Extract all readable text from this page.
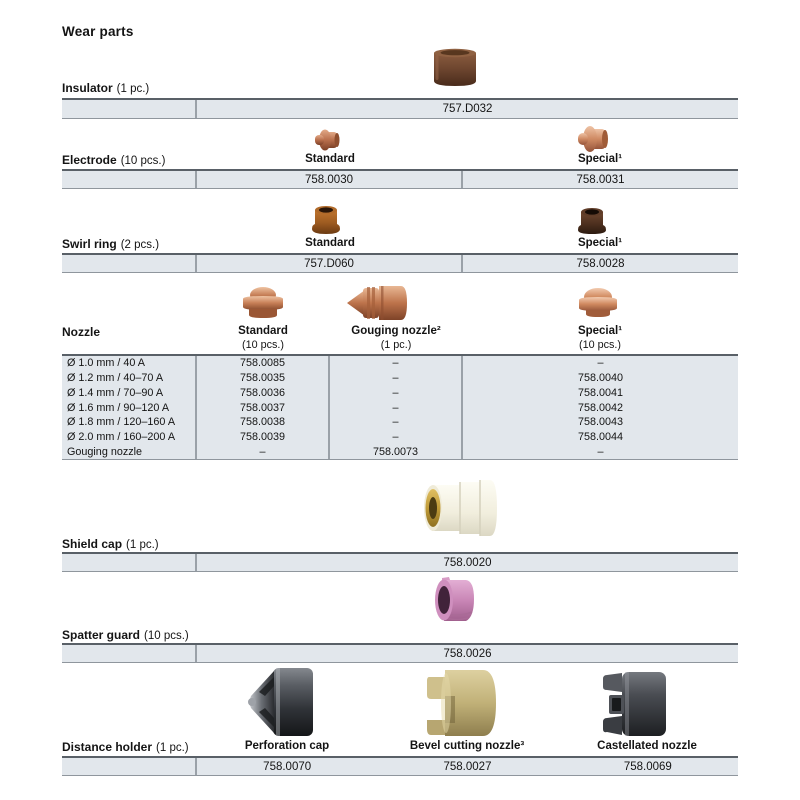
Wear parts
Insulator (1 pc.)
757.D032
Electrode (10 pcs.)	Standard	Special¹
758.0030	758.0031
Swirl ring (2 pcs.)	Standard	Special¹
757.D060	758.0028
Nozzle	Standard	Gouging nozzle²	Special¹
(10 pcs.)	(1 pc.)	(10 pcs.)
Ø 1.0 mm / 40 A	758.0085	–	–
Ø 1.2 mm / 40–70 A	758.0035	–	758.0040
Ø 1.4 mm / 70–90 A	758.0036	–	758.0041
Ø 1.6 mm / 90–120 A	758.0037	–	758.0042
Ø 1.8 mm / 120–160 A	758.0038	–	758.0043
Ø 2.0 mm / 160–200 A	758.0039	–	758.0044
Gouging nozzle	–	758.0073	–
Shield cap (1 pc.)
758.0020
Spatter guard (10 pcs.)
758.0026
Distance holder (1 pc.)	Perforation cap	Bevel cutting nozzle³	Castellated nozzle
758.0070	758.0027	758.0069
